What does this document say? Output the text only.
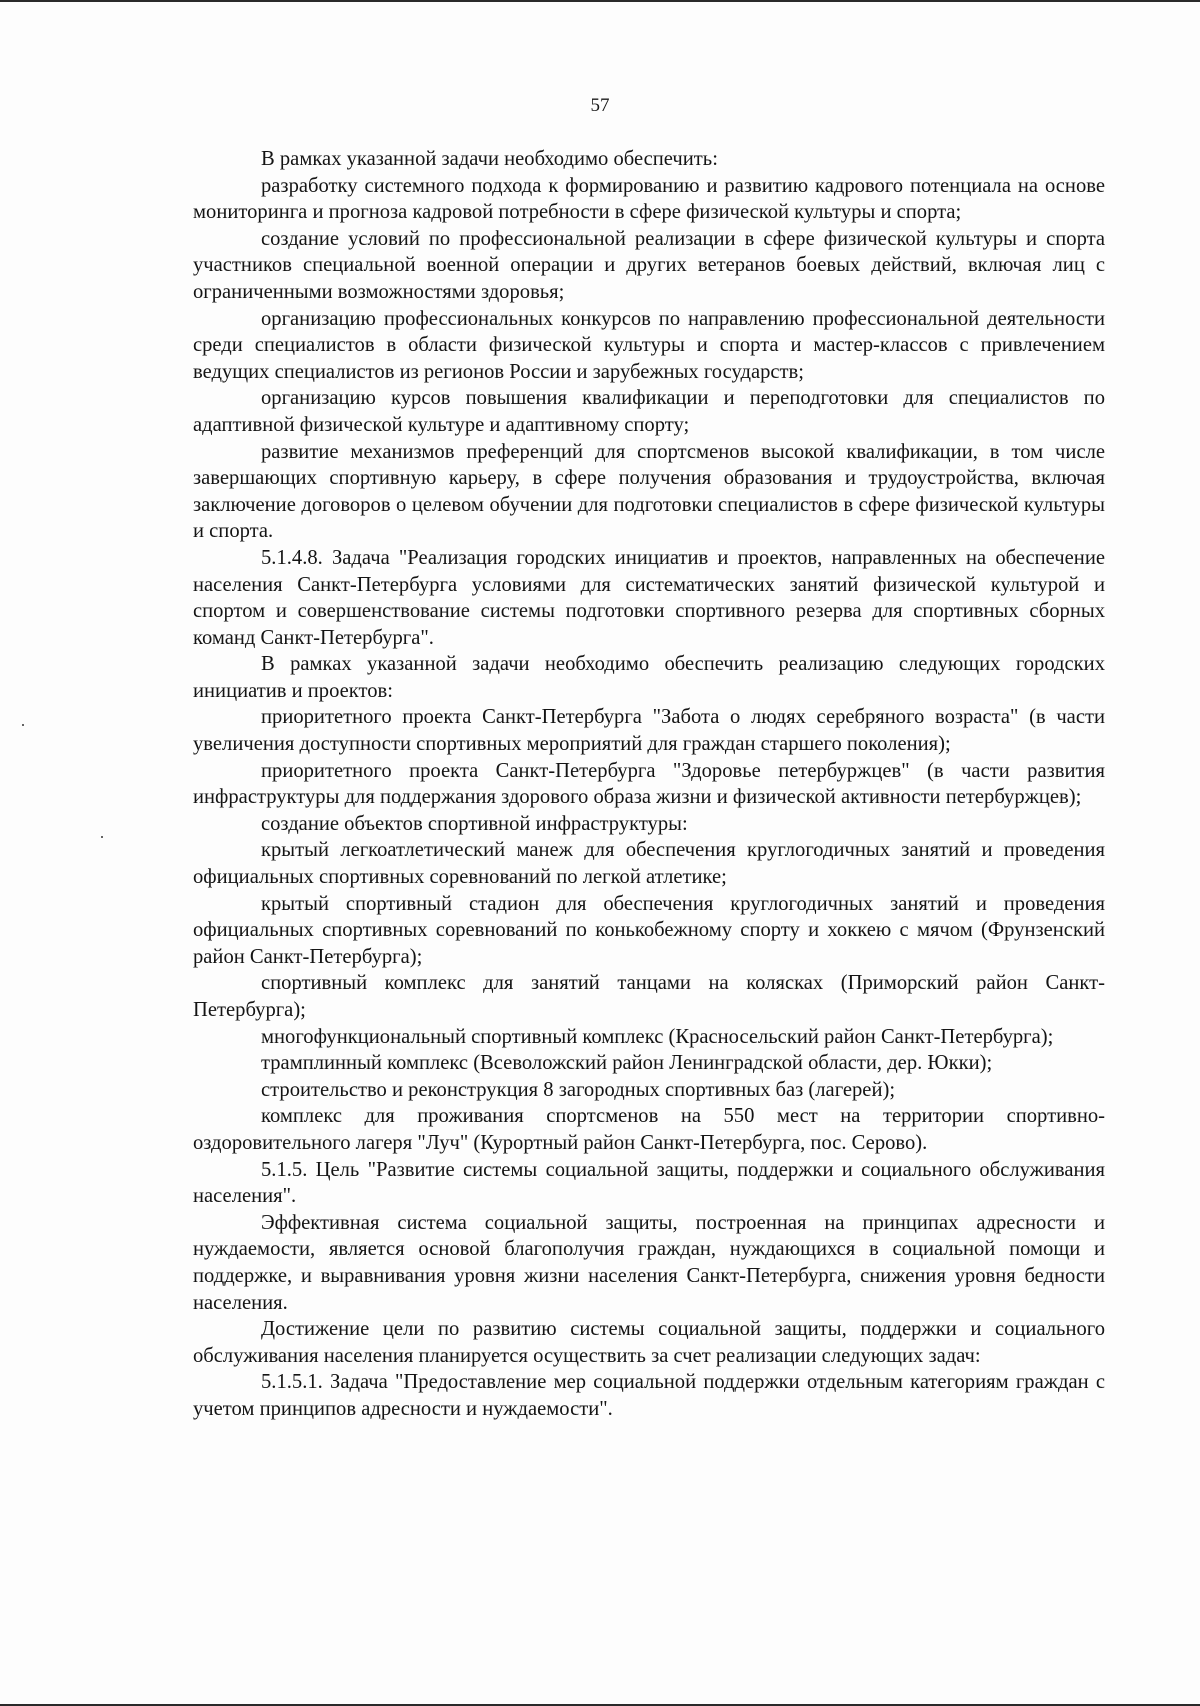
57

В рамках указанной задачи необходимо обеспечить:

разработку системного подхода к формированию и развитию кадрового потенциала на основе мониторинга и прогноза кадровой потребности в сфере физической культуры и спорта;

создание условий по профессиональной реализации в сфере физической культуры и спорта участников специальной военной операции и других ветеранов боевых действий, включая лиц с ограниченными возможностями здоровья;

организацию профессиональных конкурсов по направлению профессиональной деятельности среди специалистов в области физической культуры и спорта и мастер-классов с привлечением ведущих специалистов из регионов России и зарубежных государств;

организацию курсов повышения квалификации и переподготовки для специалистов по адаптивной физической культуре и адаптивному спорту;

развитие механизмов преференций для спортсменов высокой квалификации, в том числе завершающих спортивную карьеру, в сфере получения образования и трудоустройства, включая заключение договоров о целевом обучении для подготовки специалистов в сфере физической культуры и спорта.

5.1.4.8. Задача "Реализация городских инициатив и проектов, направленных на обеспечение населения Санкт-Петербурга условиями для систематических занятий физической культурой и спортом и совершенствование системы подготовки спортивного резерва для спортивных сборных команд Санкт-Петербурга".

В рамках указанной задачи необходимо обеспечить реализацию следующих городских инициатив и проектов:

приоритетного проекта Санкт-Петербурга "Забота о людях серебряного возраста" (в части увеличения доступности спортивных мероприятий для граждан старшего поколения);

приоритетного проекта Санкт-Петербурга "Здоровье петербуржцев" (в части развития инфраструктуры для поддержания здорового образа жизни и физической активности петербуржцев);

создание объектов спортивной инфраструктуры:

крытый легкоатлетический манеж для обеспечения круглогодичных занятий и проведения официальных спортивных соревнований по легкой атлетике;

крытый спортивный стадион для обеспечения круглогодичных занятий и проведения официальных спортивных соревнований по конькобежному спорту и хоккею с мячом (Фрунзенский район Санкт-Петербурга);

спортивный комплекс для занятий танцами на колясках (Приморский район Санкт-Петербурга);

многофункциональный спортивный комплекс (Красносельский район Санкт-Петербурга);

трамплинный комплекс (Всеволожский район Ленинградской области, дер. Юкки);

строительство и реконструкция 8 загородных спортивных баз (лагерей);

комплекс для проживания спортсменов на 550 мест на территории спортивно-оздоровительного лагеря "Луч" (Курортный район Санкт-Петербурга, пос. Серово).

5.1.5. Цель "Развитие системы социальной защиты, поддержки и социального обслуживания населения".

Эффективная система социальной защиты, построенная на принципах адресности и нуждаемости, является основой благополучия граждан, нуждающихся в социальной помощи и поддержке, и выравнивания уровня жизни населения Санкт-Петербурга, снижения уровня бедности населения.

Достижение цели по развитию системы социальной защиты, поддержки и социального обслуживания населения планируется осуществить за счет реализации следующих задач:

5.1.5.1. Задача "Предоставление мер социальной поддержки отдельным категориям граждан с учетом принципов адресности и нуждаемости".
